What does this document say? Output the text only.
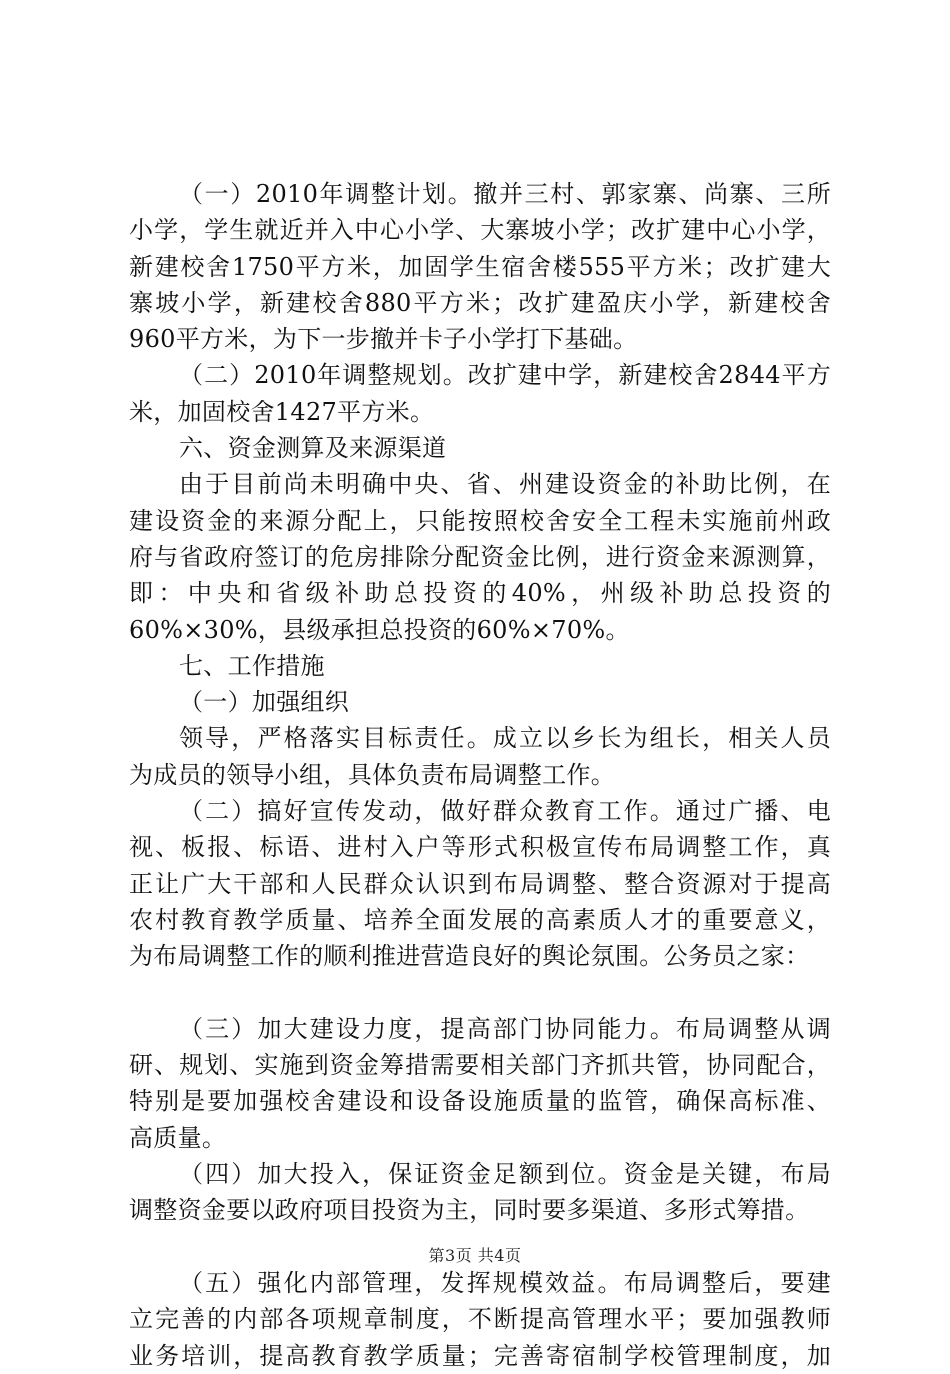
（一）2010年调整计划。撤并三村、郭家寨、尚寨、三所
小学，学生就近并入中心小学、大寨坡小学；改扩建中心小学，
新建校舍1750平方米，加固学生宿舍楼555平方米；改扩建大
寨坡小学，新建校舍880平方米；改扩建盈庆小学，新建校舍
960平方米，为下一步撤并卡子小学打下基础。
（二）2010年调整规划。改扩建中学，新建校舍2844平方
米，加固校舍1427平方米。
六、资金测算及来源渠道
由于目前尚未明确中央、省、州建设资金的补助比例，在
建设资金的来源分配上，只能按照校舍安全工程未实施前州政
府与省政府签订的危房排除分配资金比例，进行资金来源测算，
即：中央和省级补助总投资的40%，州级补助总投资的
60%×30%，县级承担总投资的60%×70%。
七、工作措施
（一）加强组织
领导，严格落实目标责任。成立以乡长为组长，相关人员
为成员的领导小组，具体负责布局调整工作。
（二）搞好宣传发动，做好群众教育工作。通过广播、电
视、板报、标语、进村入户等形式积极宣传布局调整工作，真
正让广大干部和人民群众认识到布局调整、整合资源对于提高
农村教育教学质量、培养全面发展的高素质人才的重要意义，
为布局调整工作的顺利推进营造良好的舆论氛围。公务员之家：
（三）加大建设力度，提高部门协同能力。布局调整从调
研、规划、实施到资金筹措需要相关部门齐抓共管，协同配合，
特别是要加强校舍建设和设备设施质量的监管，确保高标准、
高质量。
（四）加大投入，保证资金足额到位。资金是关键，布局
调整资金要以政府项目投资为主，同时要多渠道、多形式筹措。
（五）强化内部管理，发挥规模效益。布局调整后，要建
立完善的内部各项规章制度，不断提高管理水平；要加强教师
业务培训，提高教育教学质量；完善寄宿制学校管理制度，加
第3页 共4页
